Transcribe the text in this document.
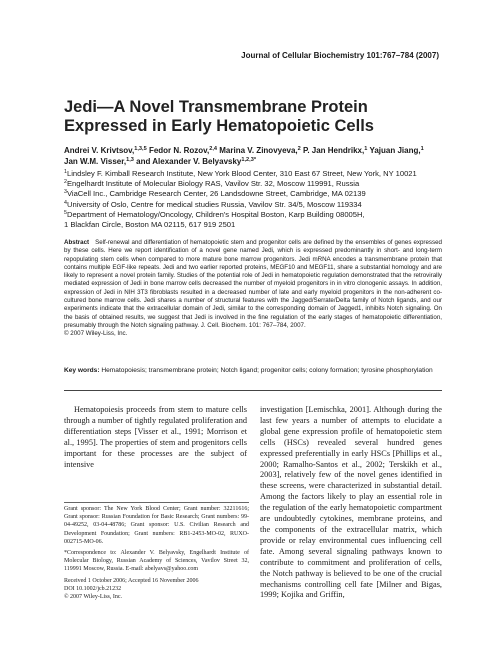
Journal of Cellular Biochemistry 101:767–784 (2007)
Jedi—A Novel Transmembrane Protein
Expressed in Early Hematopoietic Cells
Andrei V. Krivtsov,$^{1,3,5}$ Fedor N. Rozov,$^{2,4}$ Marina V. Zinovyeva,$^2$ P. Jan Hendrikx,$^1$ Yajuan Jiang,$^1$
Jan W.M. Visser,$^{1,3}$ and Alexander V. Belyavsky$^{1,2,3*}$
$^1$Lindsley F. Kimball Research Institute, New York Blood Center, 310 East 67 Street, New York, NY 10021
$^2$Engelhardt Institute of Molecular Biology RAS, Vavilov Str. 32, Moscow 119991, Russia
$^3$ViaCell Inc., Cambridge Research Center, 26 Landsdowne Street, Cambridge, MA 02139
$^4$University of Oslo, Centre for medical studies Russia, Vavilov Str. 34/5, Moscow 119334
$^5$Department of Hematology/Oncology, Children's Hospital Boston, Karp Building 08005H,
1 Blackfan Circle, Boston MA 02115, 617 919 2501
Abstract Self-renewal and differentiation of hematopoietic stem and progenitor cells are defined by the ensembles of genes expressed by these cells. Here we report identification of a novel gene named Jedi, which is expressed predominantly in short- and long-term repopulating stem cells when compared to more mature bone marrow progenitors. Jedi mRNA encodes a transmembrane protein that contains multiple EGF-like repeats. Jedi and two earlier reported proteins, MEGF10 and MEGF11, share a substantial homology and are likely to represent a novel protein family. Studies of the potential role of Jedi in hematopoietic regulation demonstrated that the retrovirally mediated expression of Jedi in bone marrow cells decreased the number of myeloid progenitors in in vitro clonogenic assays. In addition, expression of Jedi in NIH 3T3 fibroblasts resulted in a decreased number of late and early myeloid progenitors in the non-adherent co-cultured bone marrow cells. Jedi shares a number of structural features with the Jagged/Serrate/Delta family of Notch ligands, and our experiments indicate that the extracellular domain of Jedi, similar to the corresponding domain of Jagged1, inhibits Notch signaling. On the basis of obtained results, we suggest that Jedi is involved in the fine regulation of the early stages of hematopoietic differentiation, presumably through the Notch signaling pathway. J. Cell. Biochem. 101: 767–784, 2007.
© 2007 Wiley-Liss, Inc.
Key words: Hematopoiesis; transmembrane protein; Notch ligand; progenitor cells; colony formation; tyrosine phosphorylation
Hematopoiesis proceeds from stem to mature cells through a number of tightly regulated proliferation and differentiation steps [Visser et al., 1991; Morrison et al., 1995]. The properties of stem and progenitors cells important for these processes are the subject of intensive
investigation [Lemischka, 2001]. Although during the last few years a number of attempts to elucidate a global gene expression profile of hematopoietic stem cells (HSCs) revealed several hundred genes expressed preferentially in early HSCs [Phillips et al., 2000; Ramalho-Santos et al., 2002; Terskikh et al., 2003], relatively few of the novel genes identified in these screens, were characterized in substantial detail. Among the factors likely to play an essential role in the regulation of the early hematopoietic compartment are undoubtedly cytokines, membrane proteins, and the components of the extracellular matrix, which provide or relay environmental cues influencing cell fate. Among several signaling pathways known to contribute to commitment and proliferation of cells, the Notch pathway is believed to be one of the crucial mechanisms controlling cell fate [Milner and Bigas, 1999; Kojika and Griffin,

Grant sponsor: The New York Blood Center; Grant number: 32211616; Grant sponsor: Russian Foundation for Basic Research; Grant numbers: 99-04-49252, 03-04-48786; Grant sponsor: U.S. Civilian Research and Development Foundation; Grant numbers: RB1-2453-MO-02, RUXO-002715-MO-06.

*Correspondence to: Alexander V. Belyavsky, Engelhardt Institute of Molecular Biology, Russian Academy of Sciences, Vavilov Street 32, 119991 Moscow, Russia. E-mail: abelyavs@yahoo.com

Received 1 October 2006; Accepted 16 November 2006

DOI 10.1002/jcb.21232

© 2007 Wiley-Liss, Inc.
